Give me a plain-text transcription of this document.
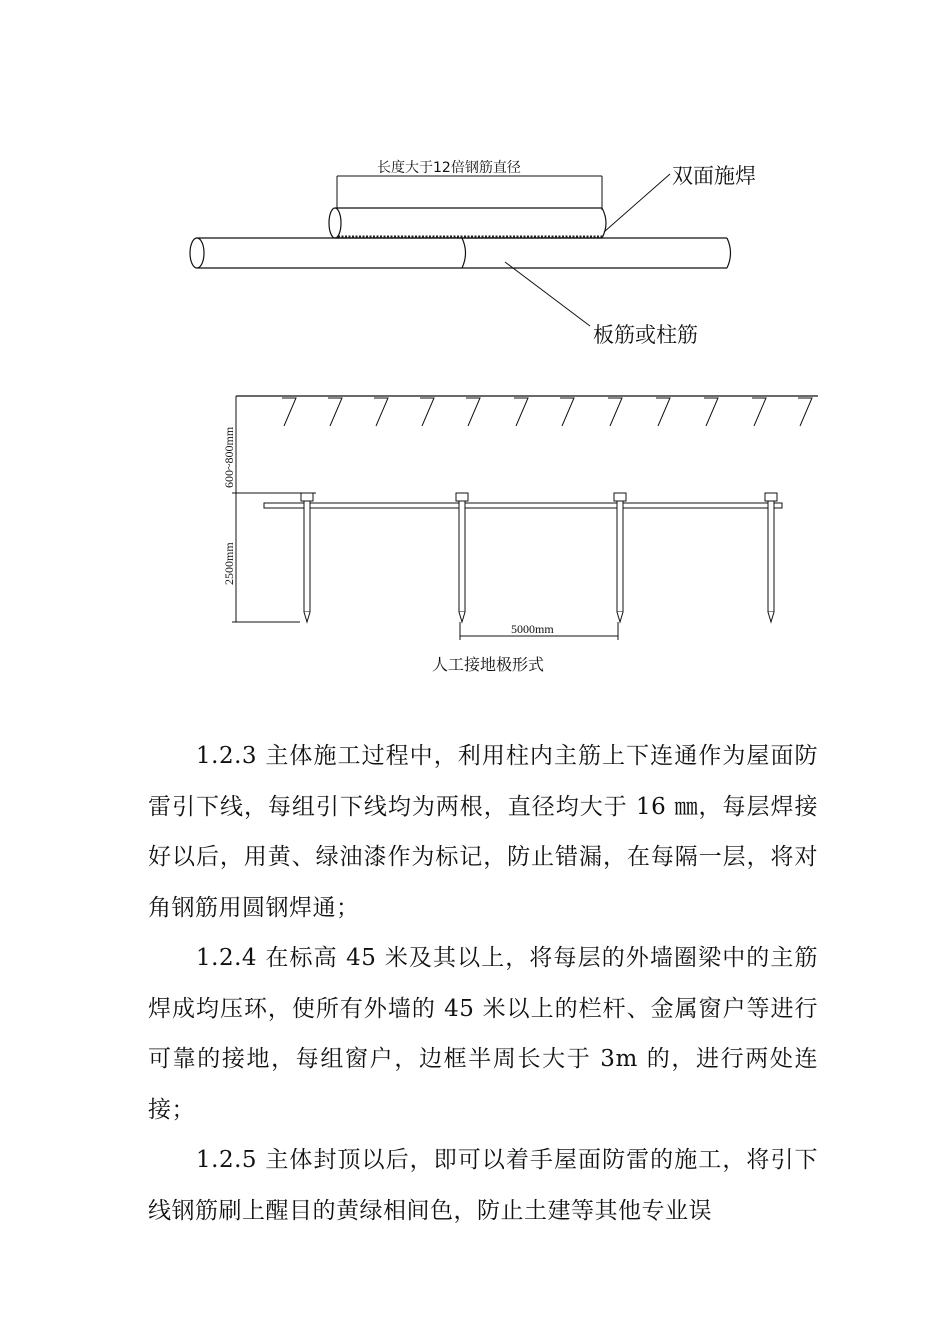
长度大于12倍钢筋直径	双面施焊
板筋或柱筋
600~800mm
2500mm
5000mm
人工接地极形式

1.2.3 主体施工过程中，利用柱内主筋上下连通作为屋面防雷引下线，每组引下线均为两根，直径均大于 16 ㎜，每层焊接好以后，用黄、绿油漆作为标记，防止错漏，在每隔一层，将对角钢筋用圆钢焊通；

1.2.4 在标高 45 米及其以上，将每层的外墙圈梁中的主筋焊成均压环，使所有外墙的 45 米以上的栏杆、金属窗户等进行可靠的接地，每组窗户，边框半周长大于 3m 的，进行两处连接；

1.2.5 主体封顶以后，即可以着手屋面防雷的施工，将引下线钢筋刷上醒目的黄绿相间色，防止土建等其他专业误
